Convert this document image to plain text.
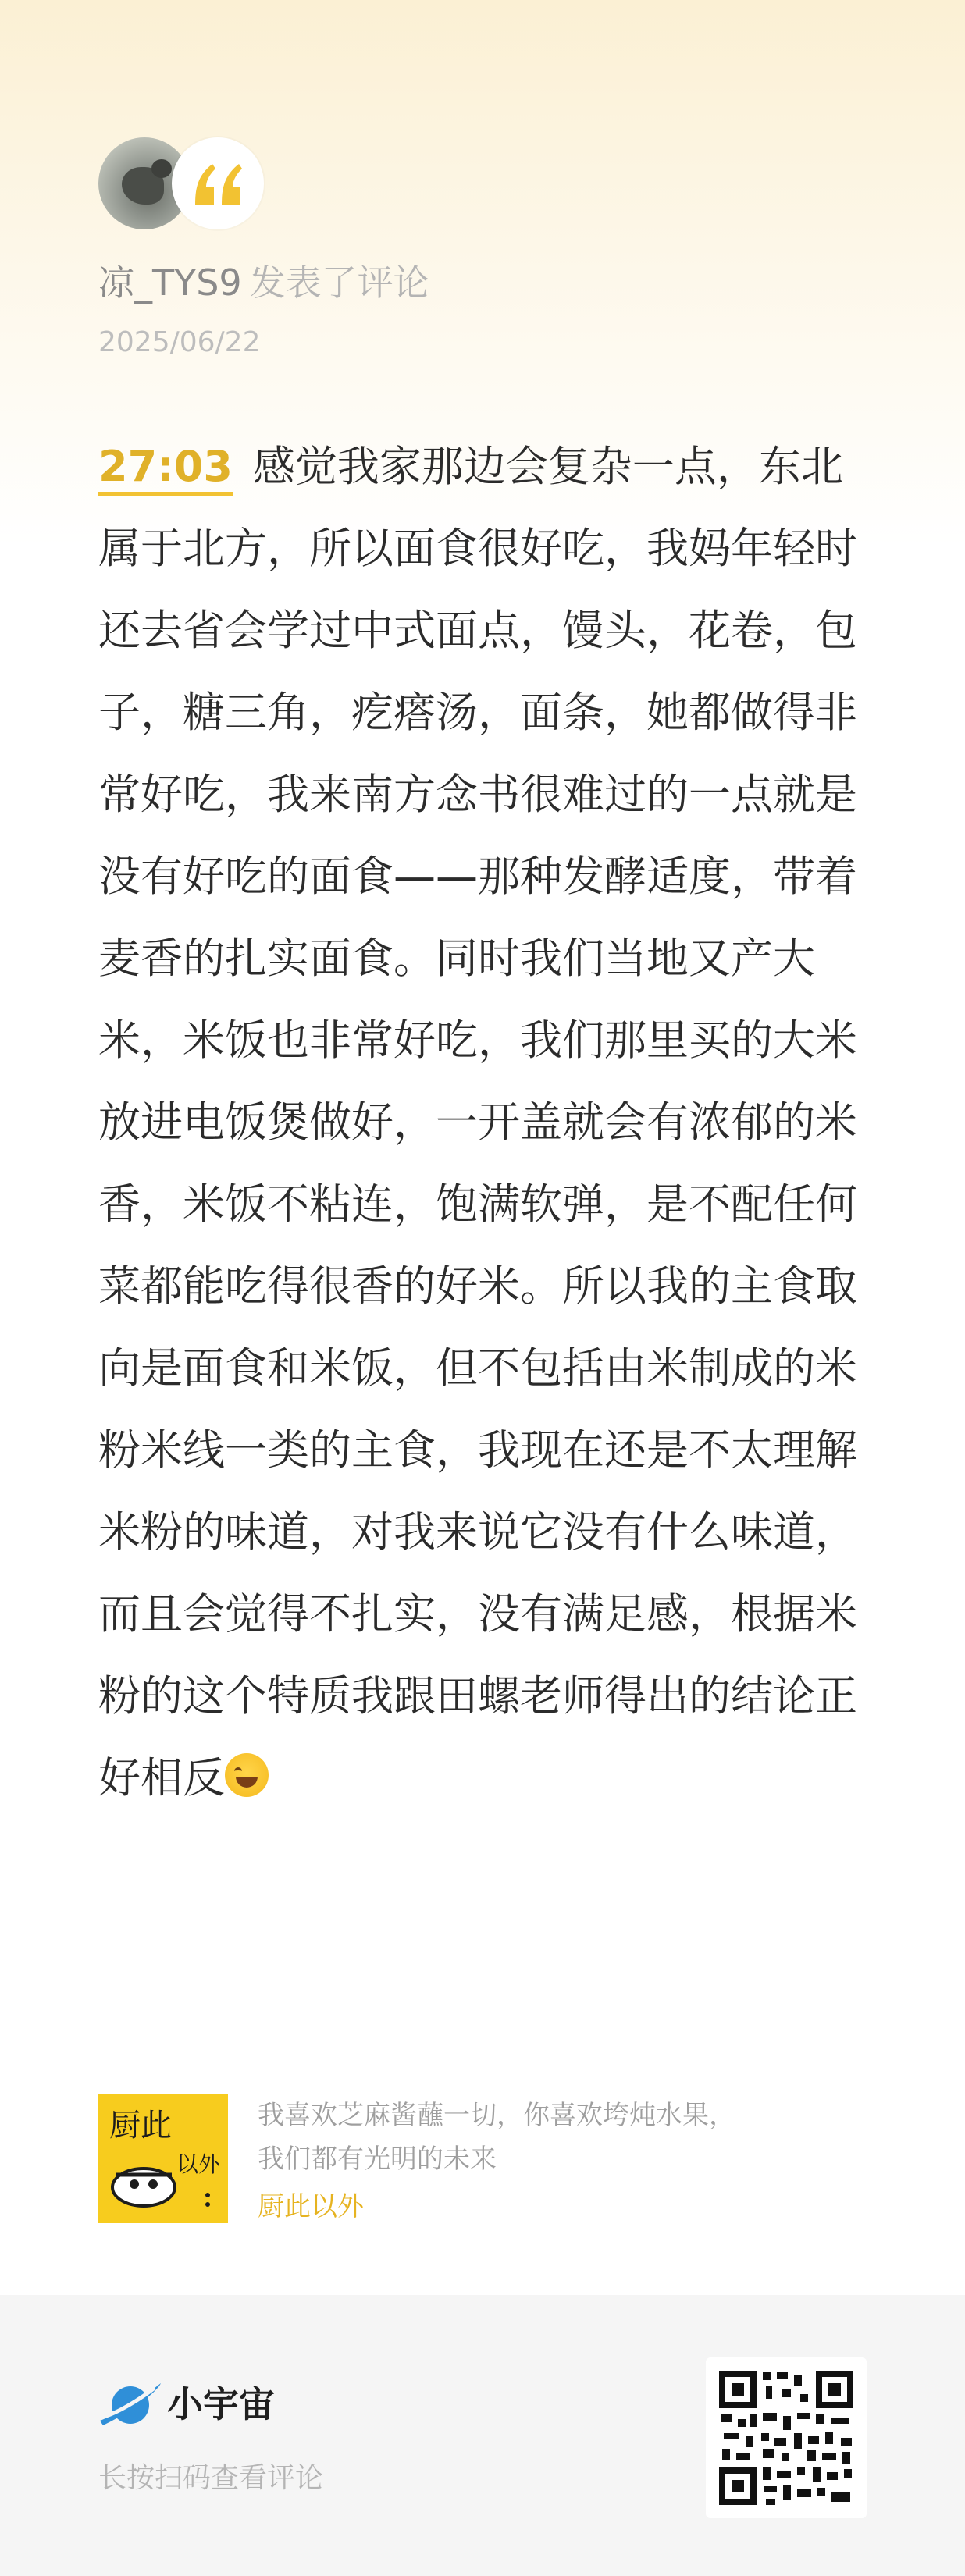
凉_TYS9 发表了评论
2025/06/22

27:03 感觉我家那边会复杂一点，东北属于北方，所以面食很好吃，我妈年轻时还去省会学过中式面点，馒头，花卷，包子，糖三角，疙瘩汤，面条，她都做得非常好吃，我来南方念书很难过的一点就是没有好吃的面食——那种发酵适度，带着麦香的扎实面食。同时我们当地又产大米，米饭也非常好吃，我们那里买的大米放进电饭煲做好，一开盖就会有浓郁的米香，米饭不粘连，饱满软弹，是不配任何菜都能吃得很香的好米。所以我的主食取向是面食和米饭，但不包括由米制成的米粉米线一类的主食，我现在还是不太理解米粉的味道，对我来说它没有什么味道，而且会觉得不扎实，没有满足感，根据米粉的这个特质我跟田螺老师得出的结论正好相反

厨此
以外
我喜欢芝麻酱蘸一切，你喜欢垮炖水果，
我们都有光明的未来
厨此以外
小宇宙
长按扫码查看评论
